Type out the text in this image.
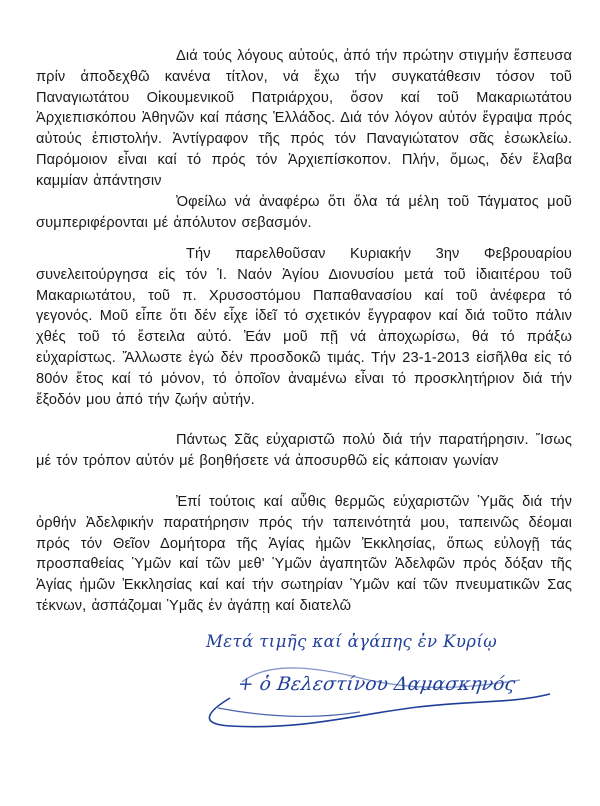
Διά τούς λόγους αὐτούς, ἀπό τήν πρώτην στιγμήν ἔσπευσα πρίν ἀποδεχθῶ κανένα τίτλον, νά ἔχω τήν συγκατάθεσιν τόσον τοῦ Παναγιωτάτου Οἰκουμενικοῦ Πατριάρχου, ὅσον καί τοῦ Μακαριωτάτου Ἀρχιεπισκόπου Ἀθηνῶν καί πάσης Ἑλλάδος. Διά τόν λόγον αὐτόν ἔγραψα πρός αὐτούς ἐπιστολήν. Ἀντίγραφον τῆς πρός τόν Παναγιώτατον σᾶς ἐσωκλείω. Παρόμοιον εἶναι καί τό πρός τόν Ἀρχιεπίσκοπον. Πλήν, ὅμως, δέν ἔλαβα καμμίαν ἀπάντησιν
Ὀφείλω νά ἀναφέρω ὅτι ὅλα τά μέλη τοῦ Τάγματος μοῦ συμπεριφέρονται μέ ἀπόλυτον σεβασμόν.
Τήν παρελθοῦσαν Κυριακήν 3ην Φεβρουαρίου συνελειτούργησα εἰς τόν Ἱ. Ναόν Ἁγίου Διονυσίου μετά τοῦ ἰδιαιτέρου τοῦ Μακαριωτάτου, τοῦ π. Χρυσοστόμου Παπαθανασίου καί τοῦ ἀνέφερα τό γεγονός. Μοῦ εἶπε ὅτι δέν εἶχε ἰδεῖ τό σχετικόν ἔγγραφον καί διά τοῦτο πάλιν χθές τοῦ τό ἔστειλα αὐτό. Ἐάν μοῦ πῇ νά ἀποχωρίσω, θά τό πράξω εὐχαρίστως. Ἄλλωστε ἐγώ δέν προσδοκῶ τιμάς. Τήν 23-1-2013 εἰσῆλθα εἰς τό 80όν ἔτος καί τό μόνον, τό ὁποῖον ἀναμένω εἶναι τό προσκλητήριον διά τήν ἔξοδόν μου ἀπό τήν ζωήν αὐτήν.
Πάντως Σᾶς εὐχαριστῶ πολύ διά τήν παρατήρησιν. Ἴσως μέ τόν τρόπον αὐτόν μέ βοηθήσετε νά ἀποσυρθῶ εἰς κάποιαν γωνίαν
Ἐπί τούτοις καί αὖθις θερμῶς εὐχαριστῶν Ὑμᾶς διά τήν ὀρθήν Ἀδελφικήν παρατήρησιν πρός τήν ταπεινότητά μου, ταπεινῶς δέομαι πρός τόν Θεῖον Δομήτορα τῆς Ἁγίας ἡμῶν Ἐκκλησίας, ὅπως εὐλογῇ τάς προσπαθείας Ὑμῶν καί τῶν μεθ' Ὑμῶν ἀγαπητῶν Ἀδελφῶν πρός δόξαν τῆς Ἁγίας ἡμῶν Ἐκκλησίας καί καί τήν σωτηρίαν Ὑμῶν καί τῶν πνευματικῶν Σας τέκνων, ἀσπάζομαι Ὑμᾶς ἐν ἀγάπῃ καί διατελῶ
Μετά τιμῆς καί ἀγάπης ἐν Κυρίῳ
+ ὁ Βελεστίνου Δαμασκηνός
